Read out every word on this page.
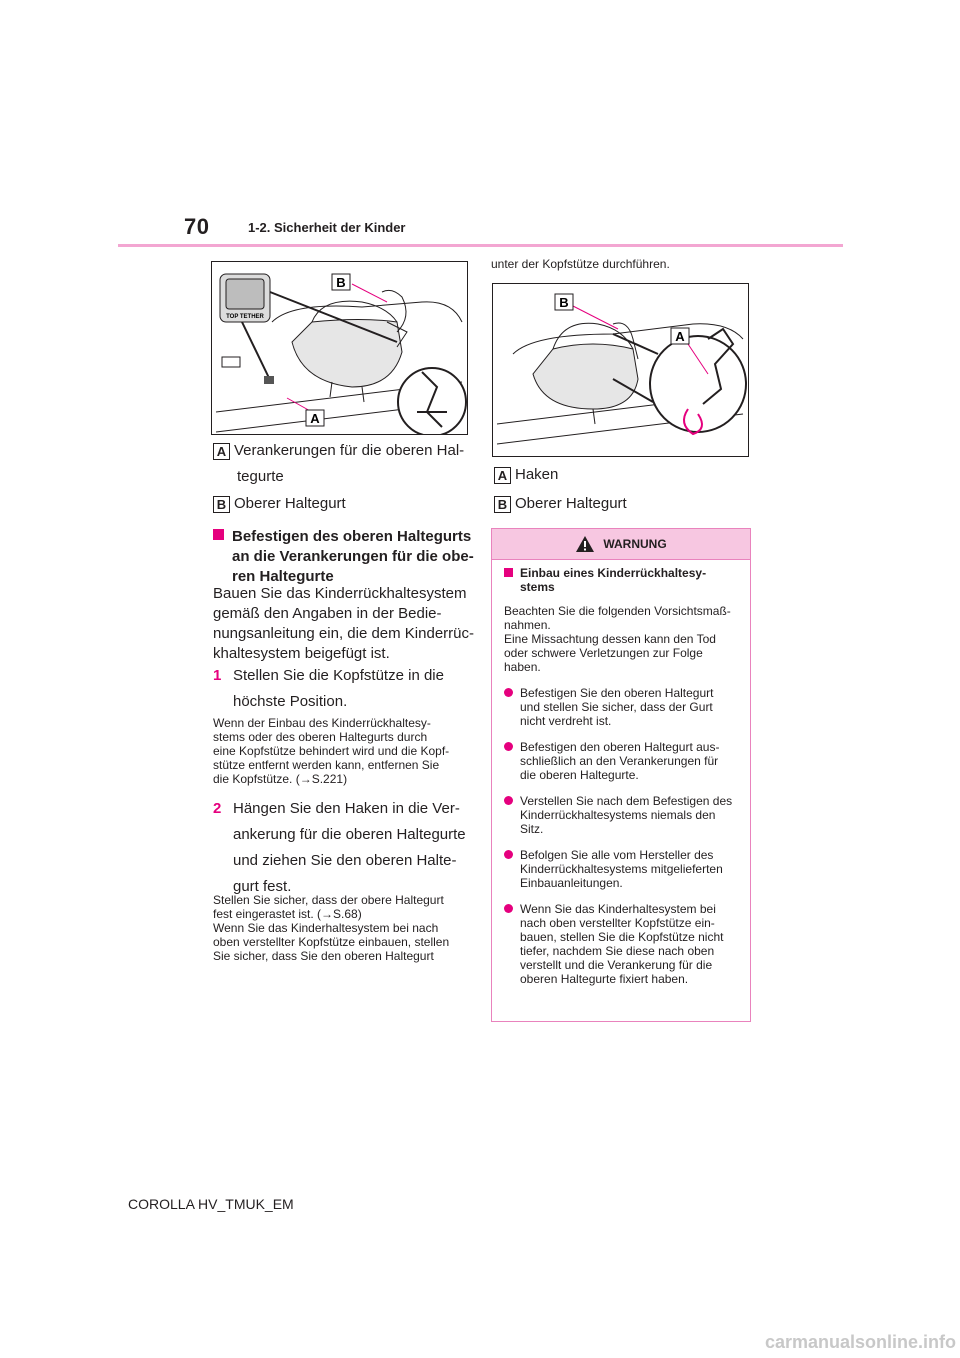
70	1-2. Sicherheit der Kinder
TOP TETHER
B
A
A Verankerungen für die oberen Hal-
tegurte
B Oberer Haltegurt
Befestigen des oberen Haltegurts
an die Verankerungen für die obe-
ren Haltegurte
Bauen Sie das Kinderrückhaltesystem
gemäß den Angaben in der Bedie-
nungsanleitung ein, die dem Kinderrüc-
khaltesystem beigefügt ist.
1 Stellen Sie die Kopfstütze in die
höchste Position.
Wenn der Einbau des Kinderrückhaltesy-
stems oder des oberen Haltegurts durch
eine Kopfstütze behindert wird und die Kopf-
stütze entfernt werden kann, entfernen Sie
die Kopfstütze. (→S.221)
2 Hängen Sie den Haken in die Ver-
ankerung für die oberen Haltegurte
und ziehen Sie den oberen Halte-
gurt fest.
Stellen Sie sicher, dass der obere Haltegurt
fest eingerastet ist. (→S.68)
Wenn Sie das Kinderhaltesystem bei nach
oben verstellter Kopfstütze einbauen, stellen
Sie sicher, dass Sie den oberen Haltegurt
unter der Kopfstütze durchführen.
B
A
A Haken
B Oberer Haltegurt
WARNUNG
Einbau eines Kinderrückhaltesy-
stems
Beachten Sie die folgenden Vorsichtsmaß-
nahmen.
Eine Missachtung dessen kann den Tod
oder schwere Verletzungen zur Folge
haben.
Befestigen Sie den oberen Haltegurt
und stellen Sie sicher, dass der Gurt
nicht verdreht ist.
Befestigen den oberen Haltegurt aus-
schließlich an den Verankerungen für
die oberen Haltegurte.
Verstellen Sie nach dem Befestigen des
Kinderrückhaltesystems niemals den
Sitz.
Befolgen Sie alle vom Hersteller des
Kinderrückhaltesystems mitgelieferten
Einbauanleitungen.
Wenn Sie das Kinderhaltesystem bei
nach oben verstellter Kopfstütze ein-
bauen, stellen Sie die Kopfstütze nicht
tiefer, nachdem Sie diese nach oben
verstellt und die Verankerung für die
oberen Haltegurte fixiert haben.
COROLLA HV_TMUK_EM
carmanualsonline.info
